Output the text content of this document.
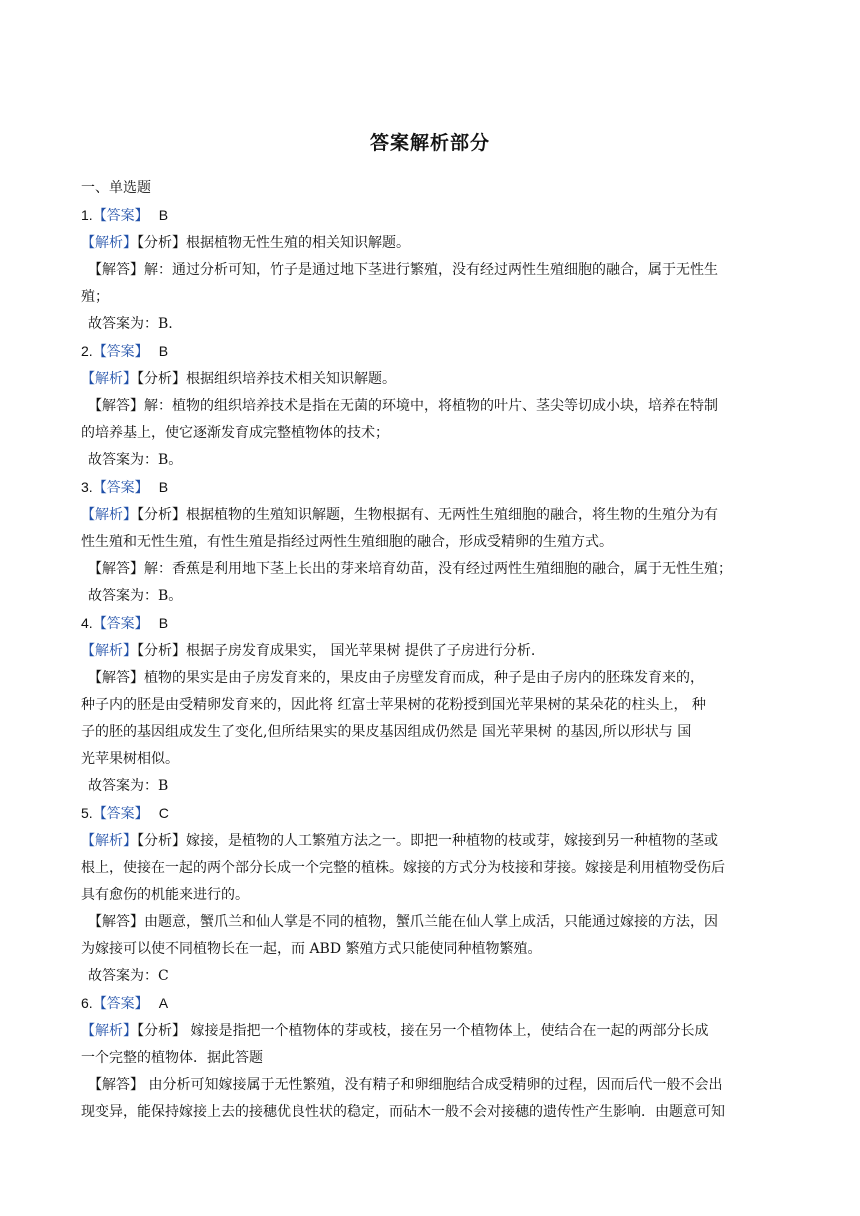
答案解析部分

一、单选题

1.【答案】 B

【解析】【分析】根据植物无性生殖的相关知识解题。

【解答】解：通过分析可知，竹子是通过地下茎进行繁殖，没有经过两性生殖细胞的融合，属于无性生

殖；

故答案为：B.

2.【答案】 B

【解析】【分析】根据组织培养技术相关知识解题。

【解答】解：植物的组织培养技术是指在无菌的环境中，将植物的叶片、茎尖等切成小块，培养在特制

的培养基上，使它逐渐发育成完整植物体的技术；

故答案为：B。

3.【答案】 B

【解析】【分析】根据植物的生殖知识解题，生物根据有、无两性生殖细胞的融合，将生物的生殖分为有

性生殖和无性生殖，有性生殖是指经过两性生殖细胞的融合，形成受精卵的生殖方式。

【解答】解：香蕉是利用地下茎上长出的芽来培育幼苗，没有经过两性生殖细胞的融合，属于无性生殖；

故答案为：B。

4.【答案】 B

【解析】【分析】根据子房发育成果实， 国光苹果树 提供了子房进行分析.

【解答】植物的果实是由子房发育来的，果皮由子房壁发育而成，种子是由子房内的胚珠发育来的，

种子内的胚是由受精卵发育来的，因此将 红富士苹果树的花粉授到国光苹果树的某朵花的柱头上， 种

子的胚的基因组成发生了变化,但所结果实的果皮基因组成仍然是 国光苹果树 的基因,所以形状与 国

光苹果树相似。

故答案为：B

5.【答案】 C

【解析】【分析】嫁接，是植物的人工繁殖方法之一。即把一种植物的枝或芽，嫁接到另一种植物的茎或

根上，使接在一起的两个部分长成一个完整的植株。嫁接的方式分为枝接和芽接。嫁接是利用植物受伤后

具有愈伤的机能来进行的。

【解答】由题意，蟹爪兰和仙人掌是不同的植物，蟹爪兰能在仙人掌上成活，只能通过嫁接的方法，因

为嫁接可以使不同植物长在一起，而 ABD 繁殖方式只能使同种植物繁殖。

故答案为：C

6.【答案】 A

【解析】【分析】 嫁接是指把一个植物体的芽或枝，接在另一个植物体上，使结合在一起的两部分长成

一个完整的植物体．据此答题

【解答】 由分析可知嫁接属于无性繁殖，没有精子和卵细胞结合成受精卵的过程，因而后代一般不会出

现变异，能保持嫁接上去的接穗优良性状的稳定，而砧木一般不会对接穗的遗传性产生影响．由题意可知
